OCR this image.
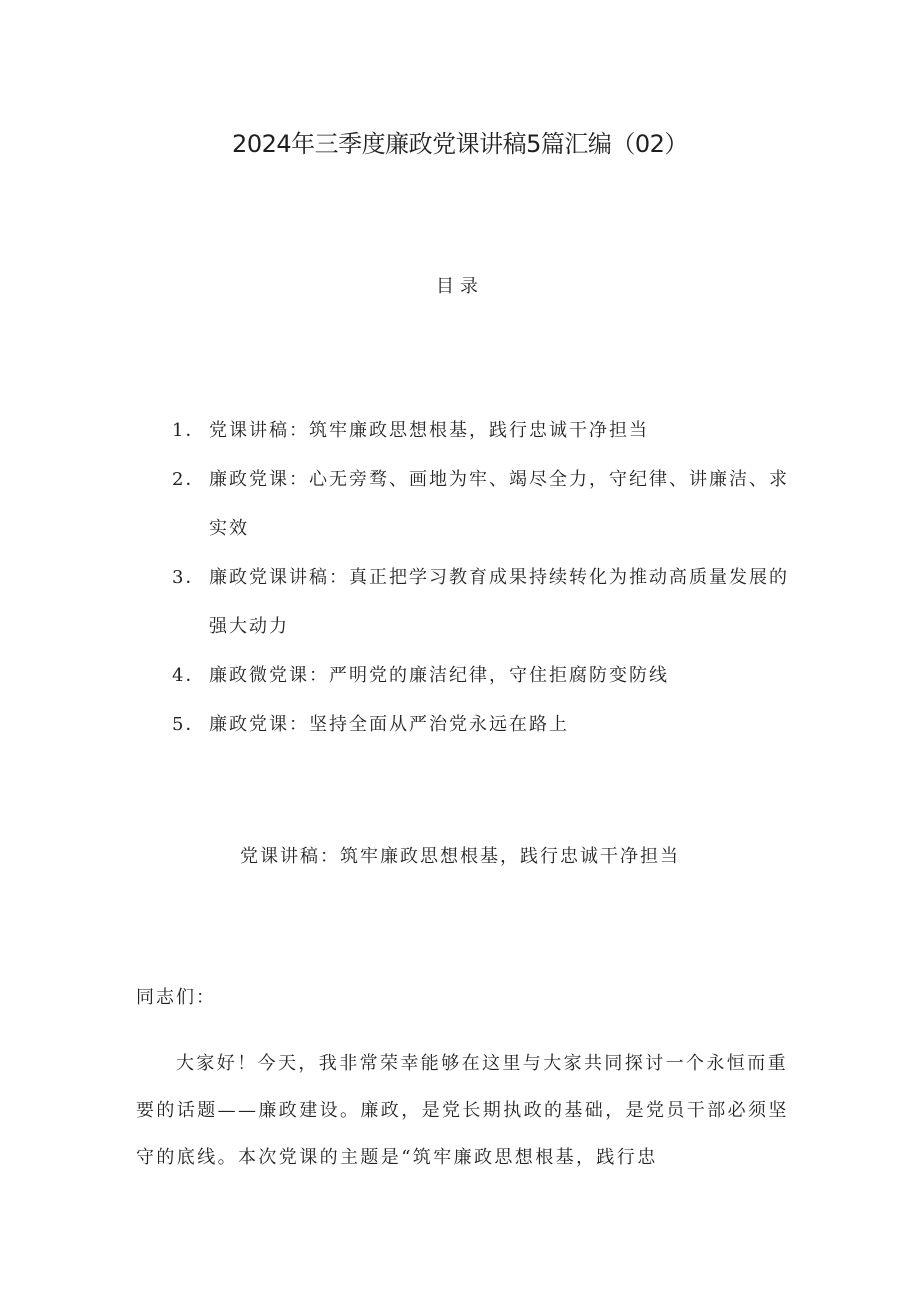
2024年三季度廉政党课讲稿5篇汇编（02）
目录
1． 党课讲稿：筑牢廉政思想根基，践行忠诚干净担当
2． 廉政党课：心无旁骛、画地为牢、竭尽全力，守纪律、讲廉洁、求实效
3． 廉政党课讲稿：真正把学习教育成果持续转化为推动高质量发展的强大动力
4． 廉政微党课：严明党的廉洁纪律，守住拒腐防变防线
5． 廉政党课：坚持全面从严治党永远在路上
党课讲稿：筑牢廉政思想根基，践行忠诚干净担当

同志们：

大家好！今天，我非常荣幸能够在这里与大家共同探讨一个永恒而重要的话题——廉政建设。廉政，是党长期执政的基础，是党员干部必须坚守的底线。本次党课的主题是“筑牢廉政思想根基，践行忠
